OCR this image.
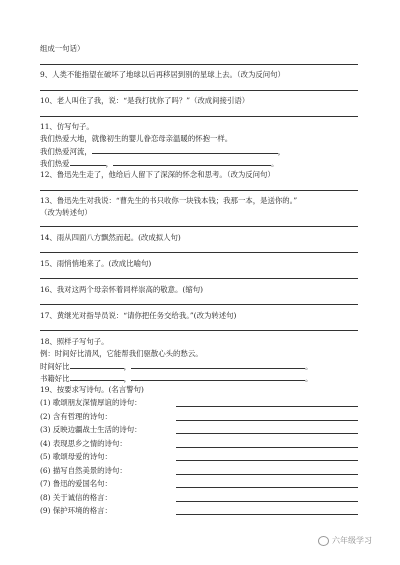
组成一句话）
9、人类不能指望在破坏了地球以后再移居到别的星球上去。（改为反问句）
10、老人叫住了我，说：“是我打扰你了吗？”（改成间接引语）
11、仿写句子。
我们热爱大地，就像初生的婴儿眷恋母亲温暖的怀抱一样。
我们热爱河流，	，
我们热爱	，	。
12、鲁迅先生走了，他给后人留下了深深的怀念和思考。（改为反问句）
13、鲁迅先生对我说：“曹先生的书只收你一块钱本钱；我那一本，是送你的。”
（改为转述句）
14、雨从四面八方飘然而起。(改成拟人句)
15、雨悄悄地来了。(改成比喻句)
16、我对这两个母亲怀着同样崇高的敬意。(缩句)
17、黄继光对指导员说：“请你把任务交给我。”(改为转述句)
18、照样子写句子。
例：时间好比清风，它能帮我们驱散心头的愁云。
时间好比	，	。
书籍好比	，	。
19、按要求写诗句。(名言警句)
(1) 歌颂朋友深情厚谊的诗句：
(2) 含有哲理的诗句：
(3) 反映边疆战士生活的诗句：
(4) 表现思乡之情的诗句：
(5) 歌颂母爱的诗句：
(6) 描写自然美景的诗句：
(7) 鲁迅的爱国名句：
(8) 关于诚信的格言：
(9) 保护环境的格言：
六年级学习
